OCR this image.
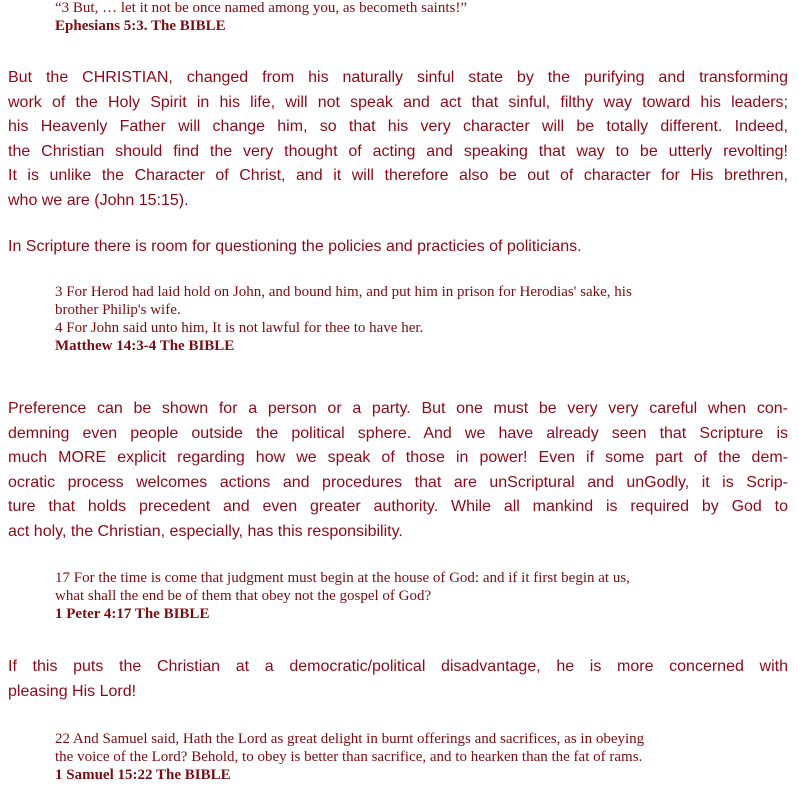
“3 But, … let it not be once named among you, as becometh saints!”
Ephesians 5:3. The BIBLE
But the CHRISTIAN, changed from his naturally sinful state by the purifying and transforming
work of the Holy Spirit in his life, will not speak and act that sinful, filthy way toward his leaders;
his Heavenly Father will change him, so that his very character will be totally different. Indeed,
the Christian should find the very thought of acting and speaking that way to be utterly revolting!
It is unlike the Character of Christ, and it will therefore also be out of character for His brethren,
who we are (John 15:15).
In Scripture there is room for questioning the policies and practicies of politicians.
3 For Herod had laid hold on John, and bound him, and put him in prison for Herodias' sake, his
brother Philip's wife.
4 For John said unto him, It is not lawful for thee to have her.
Matthew 14:3-4 The BIBLE
Preference can be shown for a person or a party. But one must be very very careful when con-
demning even people outside the political sphere. And we have already seen that Scripture is
much MORE explicit regarding how we speak of those in power! Even if some part of the dem-
ocratic process welcomes actions and procedures that are unScriptural and unGodly, it is Scrip-
ture that holds precedent and even greater authority. While all mankind is required by God to
act holy, the Christian, especially, has this responsibility.
17 For the time is come that judgment must begin at the house of God: and if it first begin at us,
what shall the end be of them that obey not the gospel of God?
1 Peter 4:17 The BIBLE
If this puts the Christian at a democratic/political disadvantage, he is more concerned with
pleasing His Lord!
22 And Samuel said, Hath the Lord as great delight in burnt offerings and sacrifices, as in obeying
the voice of the Lord? Behold, to obey is better than sacrifice, and to hearken than the fat of rams.
1 Samuel 15:22 The BIBLE
